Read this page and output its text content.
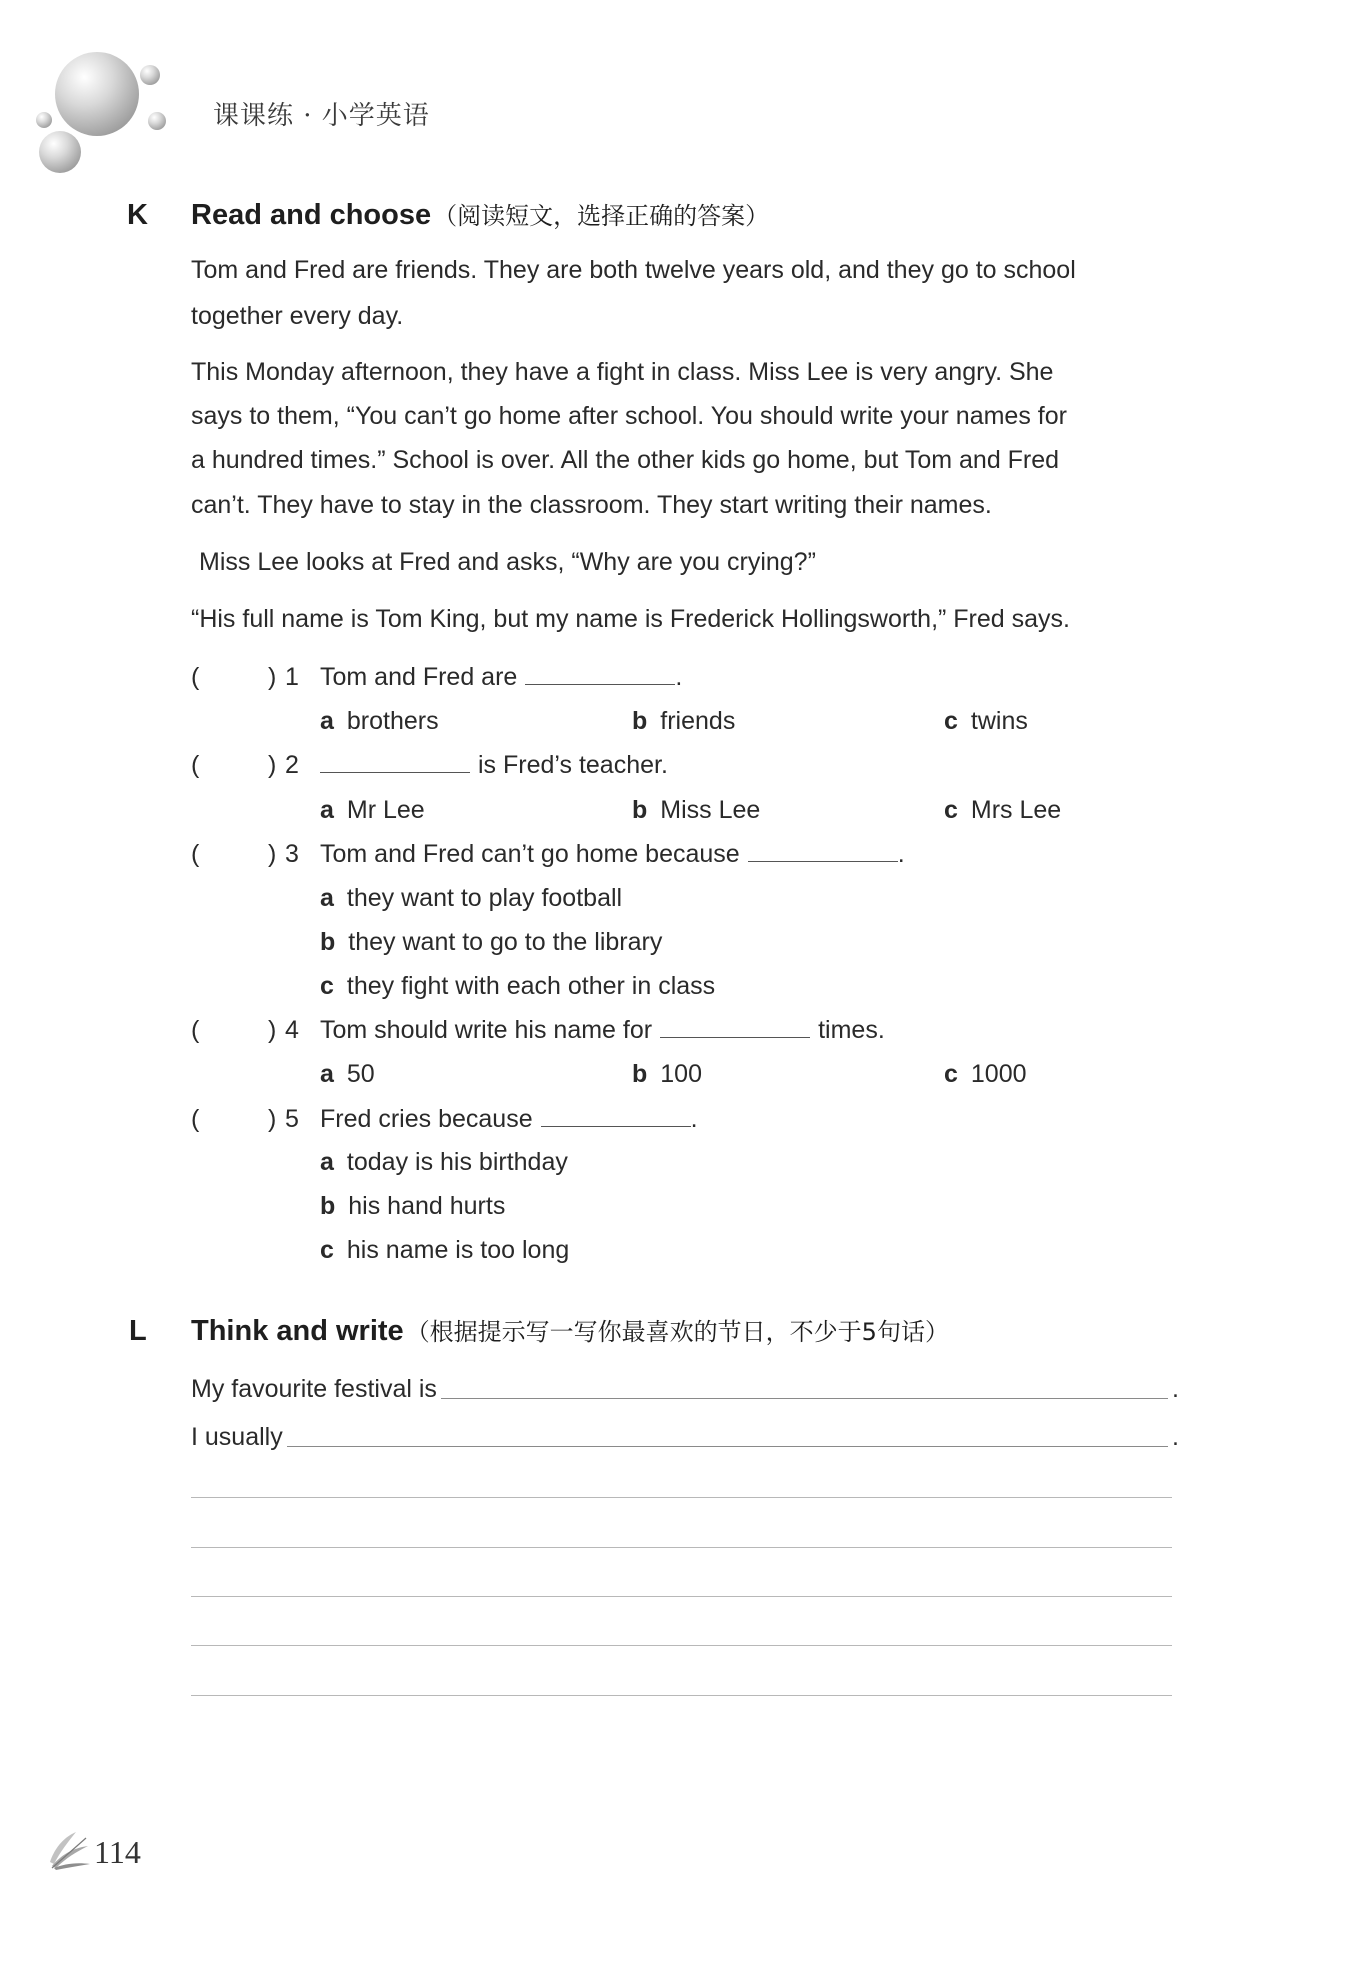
课课练 · 小学英语
K Read and choose（阅读短文，选择正确的答案）
Tom and Fred are friends. They are both twelve years old, and they go to school
together every day.
This Monday afternoon, they have a fight in class. Miss Lee is very angry. She
says to them, “You can’t go home after school. You should write your names for
a hundred times.” School is over. All the other kids go home, but Tom and Fred
can’t. They have to stay in the classroom. They start writing their names.
Miss Lee looks at Fred and asks, “Why are you crying?”
“His full name is Tom King, but my name is Frederick Hollingsworth,” Fred says.
(	) 1 Tom and Fred are	.
a brothers	b friends	c twins
(	) 2	is Fred’s teacher.
a Mr Lee	b Miss Lee	c Mrs Lee
(	) 3 Tom and Fred can’t go home because	.
a they want to play football
b they want to go to the library
c they fight with each other in class
(	) 4 Tom should write his name for	times.
a 50	b 100	c 1000
(	) 5 Fred cries because	.
a today is his birthday
b his hand hurts
c his name is too long
L Think and write（根据提示写一写你最喜欢的节日，不少于5句话）
My favourite festival is	.
I usually	.
114
